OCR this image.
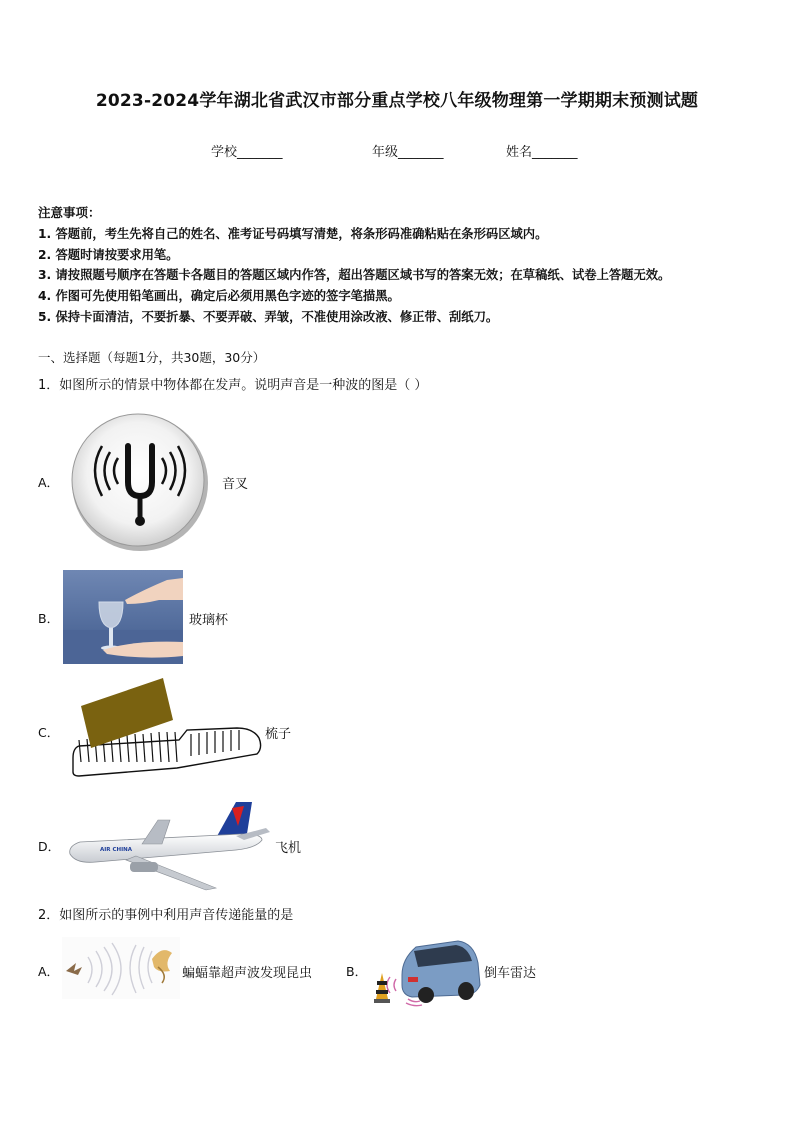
2023-2024学年湖北省武汉市部分重点学校八年级物理第一学期期末预测试题
学校_______	年级_______	姓名_______
注意事项：
1. 答题前，考生先将自己的姓名、准考证号码填写清楚，将条形码准确粘贴在条形码区域内。
2. 答题时请按要求用笔。
3. 请按照题号顺序在答题卡各题目的答题区域内作答，超出答题区域书写的答案无效；在草稿纸、试卷上答题无效。
4. 作图可先使用铅笔画出，确定后必须用黑色字迹的签字笔描黑。
5. 保持卡面清洁，不要折暴、不要弄破、弄皱，不准使用涂改液、修正带、刮纸刀。
一、选择题（每题1分，共30题，30分）
1．如图所示的情景中物体都在发声。说明声音是一种波的图是（ ）
A．	音叉
B．	玻璃杯
C．	梳子
D．	AIR CHINA	飞机
2．如图所示的事例中利用声音传递能量的是
A．	蝙蝠靠超声波发现昆虫	B．	倒车雷达
